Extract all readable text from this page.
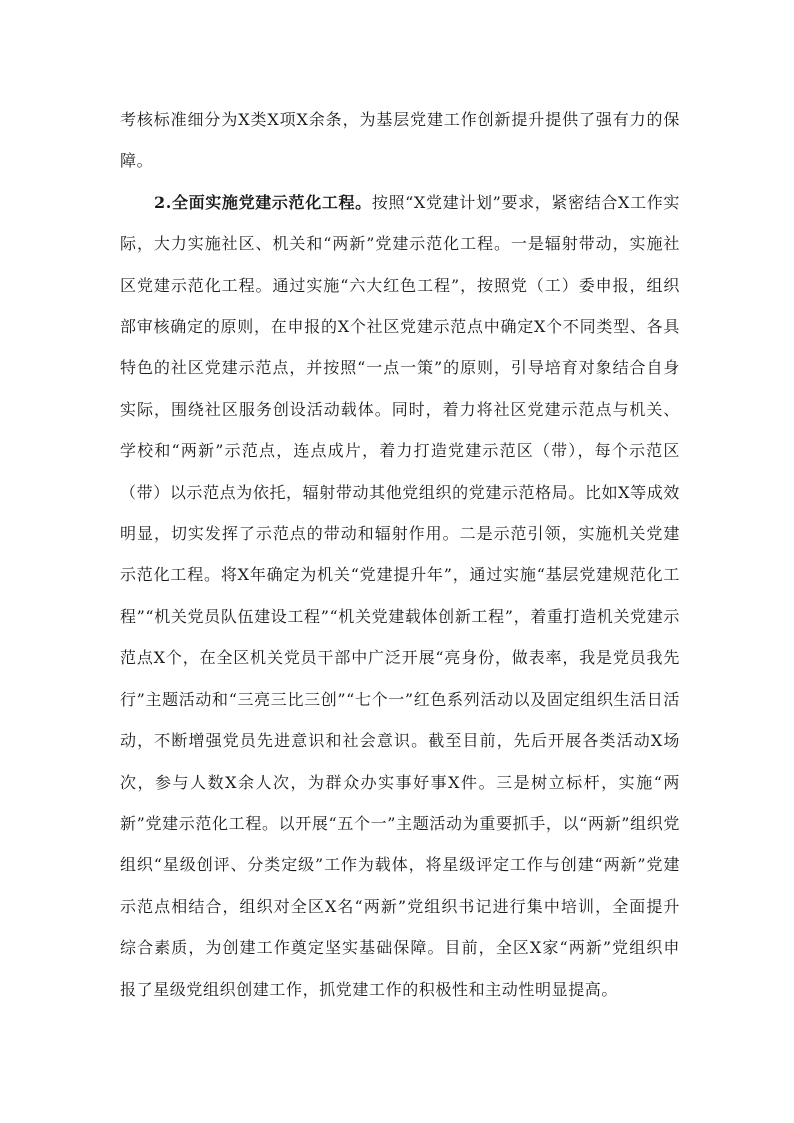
考核标准细分为X类X项X余条，为基层党建工作创新提升提供了强有力的保障。

2.全面实施党建示范化工程。按照“X党建计划”要求，紧密结合X工作实际，大力实施社区、机关和“两新”党建示范化工程。一是辐射带动，实施社区党建示范化工程。通过实施“六大红色工程”，按照党（工）委申报，组织部审核确定的原则，在申报的X个社区党建示范点中确定X个不同类型、各具特色的社区党建示范点，并按照“一点一策”的原则，引导培育对象结合自身实际，围绕社区服务创设活动载体。同时，着力将社区党建示范点与机关、学校和“两新”示范点，连点成片，着力打造党建示范区（带），每个示范区（带）以示范点为依托，辐射带动其他党组织的党建示范格局。比如X等成效明显，切实发挥了示范点的带动和辐射作用。二是示范引领，实施机关党建示范化工程。将X年确定为机关“党建提升年”，通过实施“基层党建规范化工程”“机关党员队伍建设工程”“机关党建载体创新工程”，着重打造机关党建示范点X个，在全区机关党员干部中广泛开展“亮身份，做表率，我是党员我先行”主题活动和“三亮三比三创”“七个一”红色系列活动以及固定组织生活日活动，不断增强党员先进意识和社会意识。截至目前，先后开展各类活动X场次，参与人数X余人次，为群众办实事好事X件。三是树立标杆，实施“两新”党建示范化工程。以开展“五个一”主题活动为重要抓手，以“两新”组织党组织“星级创评、分类定级”工作为载体，将星级评定工作与创建“两新”党建示范点相结合，组织对全区X名“两新”党组织书记进行集中培训，全面提升综合素质，为创建工作奠定坚实基础保障。目前，全区X家“两新”党组织申报了星级党组织创建工作，抓党建工作的积极性和主动性明显提高。
